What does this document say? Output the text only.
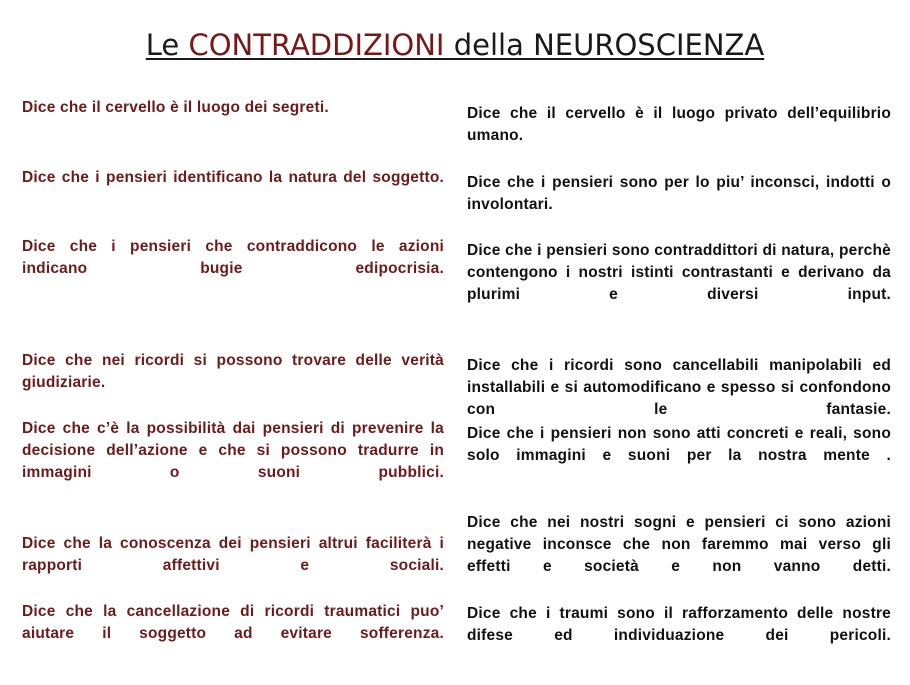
Le CONTRADDIZIONI della NEUROSCIENZA

Dice che il cervello è il luogo dei segreti.

Dice che i pensieri identificano la natura del soggetto.

Dice che i pensieri che contraddicono le azioni indicano bugie edipocrisia.

Dice che nei ricordi si possono trovare delle verità giudiziarie.

Dice che c’è la possibilità dai pensieri di prevenire la decisione dell’azione e che si possono tradurre in immagini o suoni pubblici.

Dice che la conoscenza dei pensieri altrui faciliterà i rapporti affettivi e sociali.

Dice che la cancellazione di ricordi traumatici puo’ aiutare il soggetto ad evitare sofferenza.

Dice che il cervello è il luogo privato dell’equilibrio umano.

Dice che i pensieri sono per lo piu’ inconsci, indotti o involontari.

Dice che i pensieri sono contraddittori di natura, perchè contengono i nostri istinti contrastanti e derivano da plurimi e diversi input.

Dice che i ricordi sono cancellabili manipolabili ed installabili e si automodificano e spesso si confondono con le fantasie.

Dice che i pensieri non sono atti concreti e reali, sono solo immagini e suoni per la nostra mente .

Dice che nei nostri sogni e pensieri ci sono azioni negative inconsce che non faremmo mai verso gli effetti e società e non vanno detti.

Dice che i traumi sono il rafforzamento delle nostre difese ed individuazione dei pericoli.
